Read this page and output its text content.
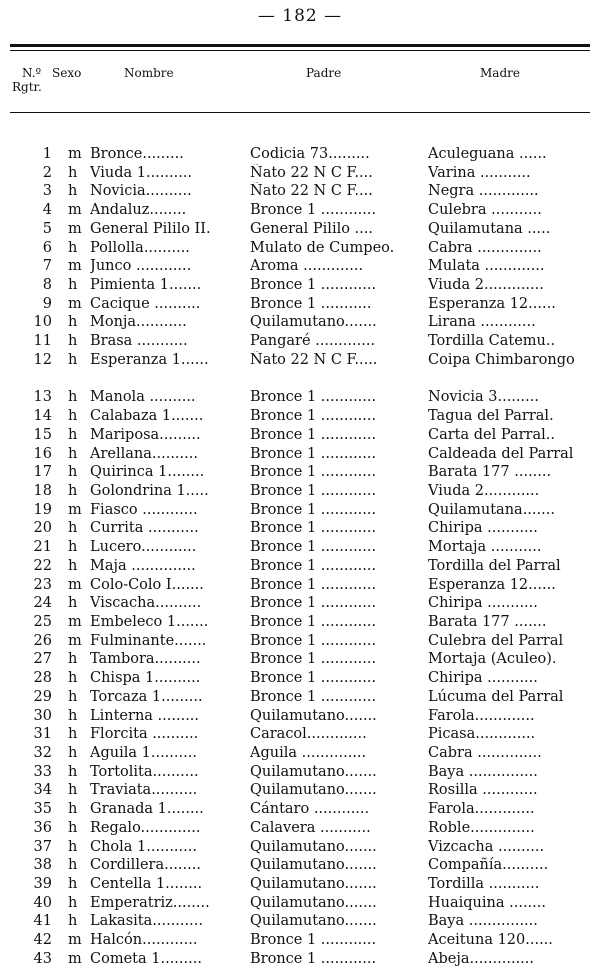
— 182 —
N.º
Rgtr.
Sexo	Nombre	Padre	Madre
1 m Bronce.........	Codicia 73.........	Aculeguana ......
2 h Viuda 1..........	Ñato 22 N C F....	Varina ...........
3 h Novicia..........	Ñato 22 N C F....	Negra .............
4 m Andaluz........	Bronce 1 ............	Culebra ...........
5 m General Pililo II.	General Pililo ....	Quilamutana .....
6 h Pollolla..........	Mulato de Cumpeo.	Cabra ..............
7 m Junco ............	Aroma .............	Mulata .............
8 h Pimienta 1.......	Bronce 1 ............	Viuda 2.............
9 m Cacique ..........	Bronce 1 ...........	Esperanza 12......
10 h Monja...........	Quilamutano.......	Lirana ............
11 h Brasa ...........	Pangaré .............	Tordilla Catemu..
12 h Esperanza 1......	Ñato 22 N C F.....	Coipa Chimbarongo
13 h Manola ..........	Bronce 1 ............	Novicia 3.........
14 h Calabaza 1.......	Bronce 1 ............	Tagua del Parral.
15 h Mariposa.........	Bronce 1 ............	Carta del Parral..
16 h Arellana..........	Bronce 1 ............	Caldeada del Parral
17 h Quirinca 1........	Bronce 1 ............	Barata 177 ........
18 h Golondrina 1.....	Bronce 1 ............	Viuda 2............
19 m Fiasco ............	Bronce 1 ............	Quilamutana.......
20 h Currita ...........	Bronce 1 ............	Chiripa ...........
21 h Lucero............	Bronce 1 ............	Mortaja ...........
22 h Maja ..............	Bronce 1 ............	Tordilla del Parral
23 m Colo-Colo I.......	Bronce 1 ............	Esperanza 12......
24 h Viscacha..........	Bronce 1 ............	Chiripa ...........
25 m Embeleco 1.......	Bronce 1 ............	Barata 177 .......
26 m Fulminante.......	Bronce 1 ............	Culebra del Parral
27 h Tambora..........	Bronce 1 ............	Mortaja (Aculeo).
28 h Chispa 1..........	Bronce 1 ............	Chiripa ...........
29 h Torcaza 1.........	Bronce 1 ............	Lúcuma del Parral
30 h Linterna .........	Quilamutano.......	Farola.............
31 h Florcita ..........	Caracol.............	Picasa.............
32 h Aguila 1..........	Aguila ..............	Cabra ..............
33 h Tortolita..........	Quilamutano.......	Baya ...............
34 h Traviata..........	Quilamutano.......	Rosilla ............
35 h Granada 1........	Cántaro ............	Farola.............
36 h Regalo.............	Calavera ...........	Roble..............
37 h Chola 1...........	Quilamutano.......	Vizcacha ..........
38 h Cordillera........	Quilamutano.......	Compañía..........
39 h Centella 1........	Quilamutano.......	Tordilla ...........
40 h Emperatriz........	Quilamutano.......	Huaiquina ........
41 h Lakasita...........	Quilamutano.......	Baya ...............
42 m Halcón............	Bronce 1 ............	Aceituna 120......
43 m Cometa 1.........	Bronce 1 ............	Abeja..............
